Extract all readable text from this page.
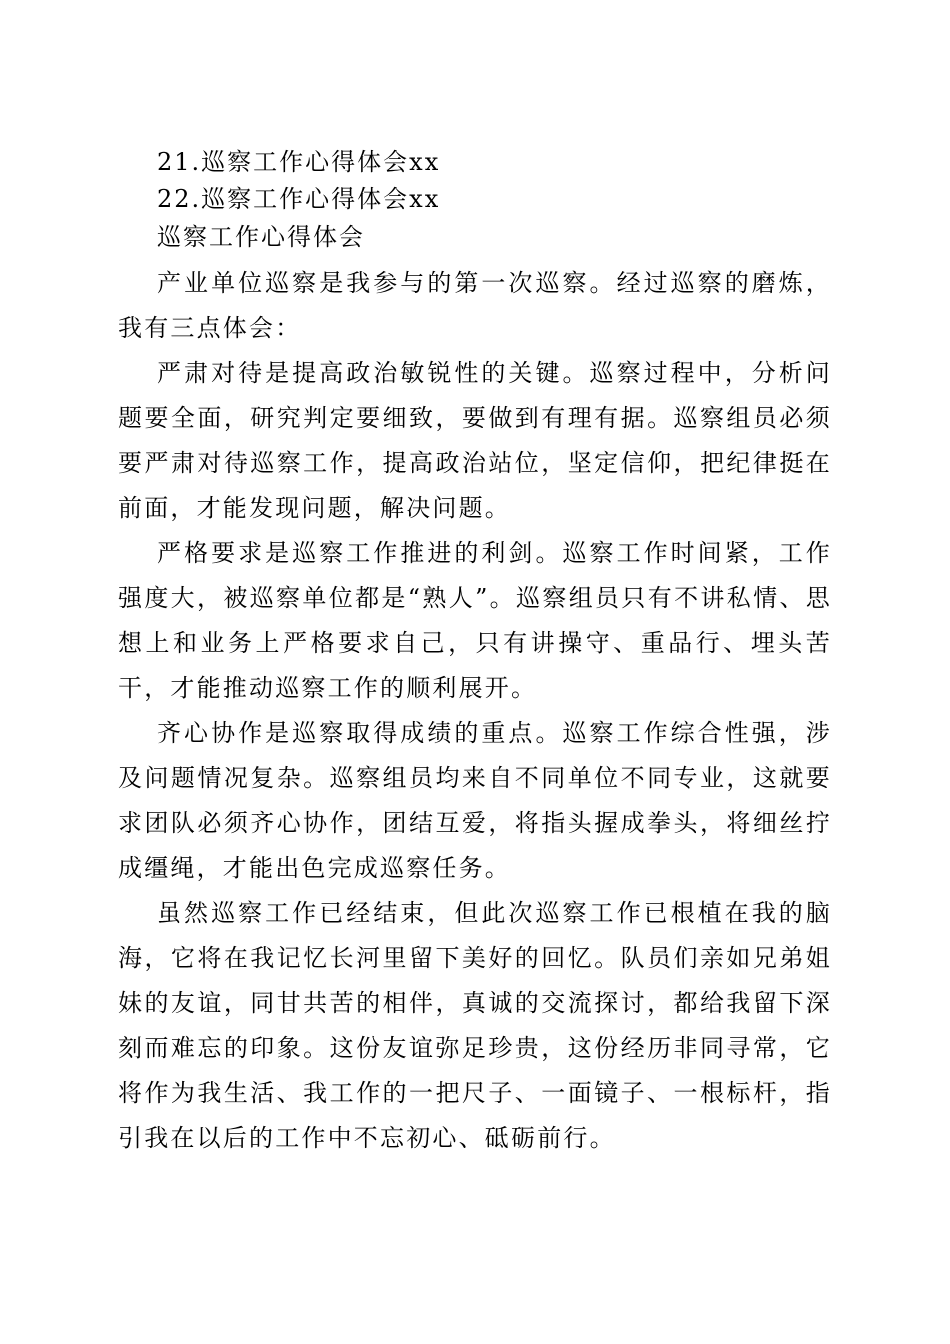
21.巡察工作心得体会xx
22.巡察工作心得体会xx
巡察工作心得体会

产业单位巡察是我参与的第一次巡察。经过巡察的磨炼，我有三点体会：

严肃对待是提高政治敏锐性的关键。巡察过程中，分析问题要全面，研究判定要细致，要做到有理有据。巡察组员必须要严肃对待巡察工作，提高政治站位，坚定信仰，把纪律挺在前面，才能发现问题，解决问题。

严格要求是巡察工作推进的利剑。巡察工作时间紧，工作强度大，被巡察单位都是“熟人”。巡察组员只有不讲私情、思想上和业务上严格要求自己，只有讲操守、重品行、埋头苦干，才能推动巡察工作的顺利展开。

齐心协作是巡察取得成绩的重点。巡察工作综合性强，涉及问题情况复杂。巡察组员均来自不同单位不同专业，这就要求团队必须齐心协作，团结互爱，将指头握成拳头，将细丝拧成缰绳，才能出色完成巡察任务。

虽然巡察工作已经结束，但此次巡察工作已根植在我的脑海，它将在我记忆长河里留下美好的回忆。队员们亲如兄弟姐妹的友谊，同甘共苦的相伴，真诚的交流探讨，都给我留下深刻而难忘的印象。这份友谊弥足珍贵，这份经历非同寻常，它将作为我生活、我工作的一把尺子、一面镜子、一根标杆，指引我在以后的工作中不忘初心、砥砺前行。
